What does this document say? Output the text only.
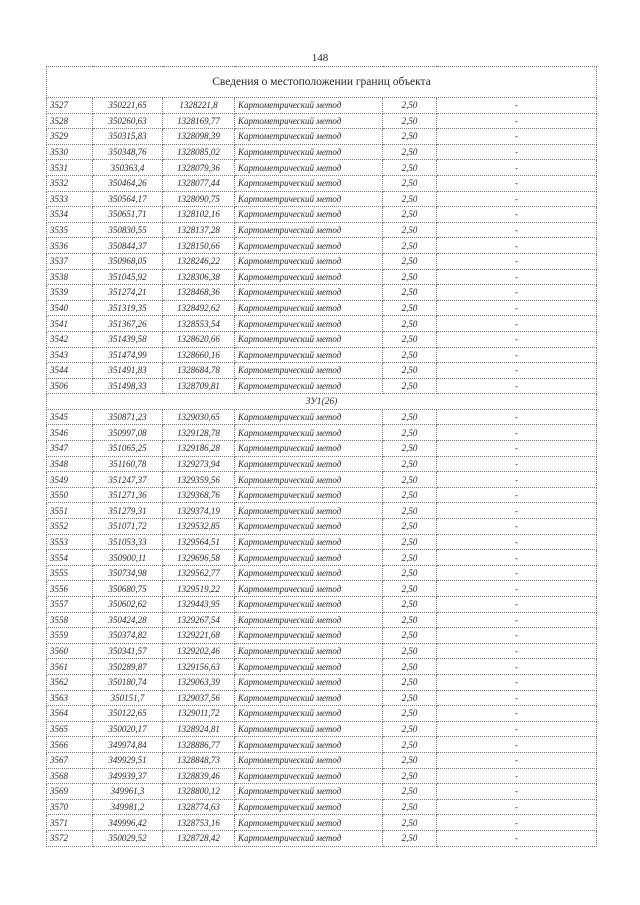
148
Сведения о местоположении границ объекта					
3527	350221,65	1328221,8	Картометрический метод	2,50	-
3528	350260,63	1328169,77	Картометрический метод	2,50	-
3529	350315,83	1328098,39	Картометрический метод	2,50	-
3530	350348,76	1328085,02	Картометрический метод	2,50	-
3531	350363,4	1328079,36	Картометрический метод	2,50	-
3532	350464,26	1328077,44	Картометрический метод	2,50	-
3533	350564,17	1328090,75	Картометрический метод	2,50	-
3534	350651,71	1328102,16	Картометрический метод	2,50	-
3535	350830,55	1328137,28	Картометрический метод	2,50	-
3536	350844,37	1328150,66	Картометрический метод	2,50	-
3537	350968,05	1328246,22	Картометрический метод	2,50	-
3538	351045,92	1328306,38	Картометрический метод	2,50	-
3539	351274,21	1328468,36	Картометрический метод	2,50	-
3540	351319,35	1328492,62	Картометрический метод	2,50	-
3541	351367,26	1328553,54	Картометрический метод	2,50	-
3542	351439,58	1328620,66	Картометрический метод	2,50	-
3543	351474,99	1328660,16	Картометрический метод	2,50	-
3544	351491,83	1328684,78	Картометрический метод	2,50	-
3506	351498,33	1328709,81	Картометрический метод	2,50	-
ЗУ1(26)					
3545	350871,23	1329030,65	Картометрический метод	2,50	-
3546	350997,08	1329128,78	Картометрический метод	2,50	-
3547	351065,25	1329186,28	Картометрический метод	2,50	-
3548	351160,78	1329273,94	Картометрический метод	2,50	-
3549	351247,37	1329359,56	Картометрический метод	2,50	-
3550	351271,36	1329368,76	Картометрический метод	2,50	-
3551	351279,31	1329374,19	Картометрический метод	2,50	-
3552	351071,72	1329532,85	Картометрический метод	2,50	-
3553	351053,33	1329564,51	Картометрический метод	2,50	-
3554	350900,11	1329696,58	Картометрический метод	2,50	-
3555	350734,98	1329562,77	Картометрический метод	2,50	-
3556	350680,75	1329519,22	Картометрический метод	2,50	-
3557	350602,62	1329443,95	Картометрический метод	2,50	-
3558	350424,28	1329267,54	Картометрический метод	2,50	-
3559	350374,82	1329221,68	Картометрический метод	2,50	-
3560	350341,57	1329202,46	Картометрический метод	2,50	-
3561	350289,87	1329156,63	Картометрический метод	2,50	-
3562	350180,74	1329063,39	Картометрический метод	2,50	-
3563	350151,7	1329037,56	Картометрический метод	2,50	-
3564	350122,65	1329011,72	Картометрический метод	2,50	-
3565	350020,17	1328924,81	Картометрический метод	2,50	-
3566	349974,84	1328886,77	Картометрический метод	2,50	-
3567	349929,51	1328848,73	Картометрический метод	2,50	-
3568	349939,37	1328839,46	Картометрический метод	2,50	-
3569	349961,3	1328800,12	Картометрический метод	2,50	-
3570	349981,2	1328774,63	Картометрический метод	2,50	-
3571	349996,42	1328753,16	Картометрический метод	2,50	-
3572	350029,52	1328728,42	Картометрический метод	2,50	-
